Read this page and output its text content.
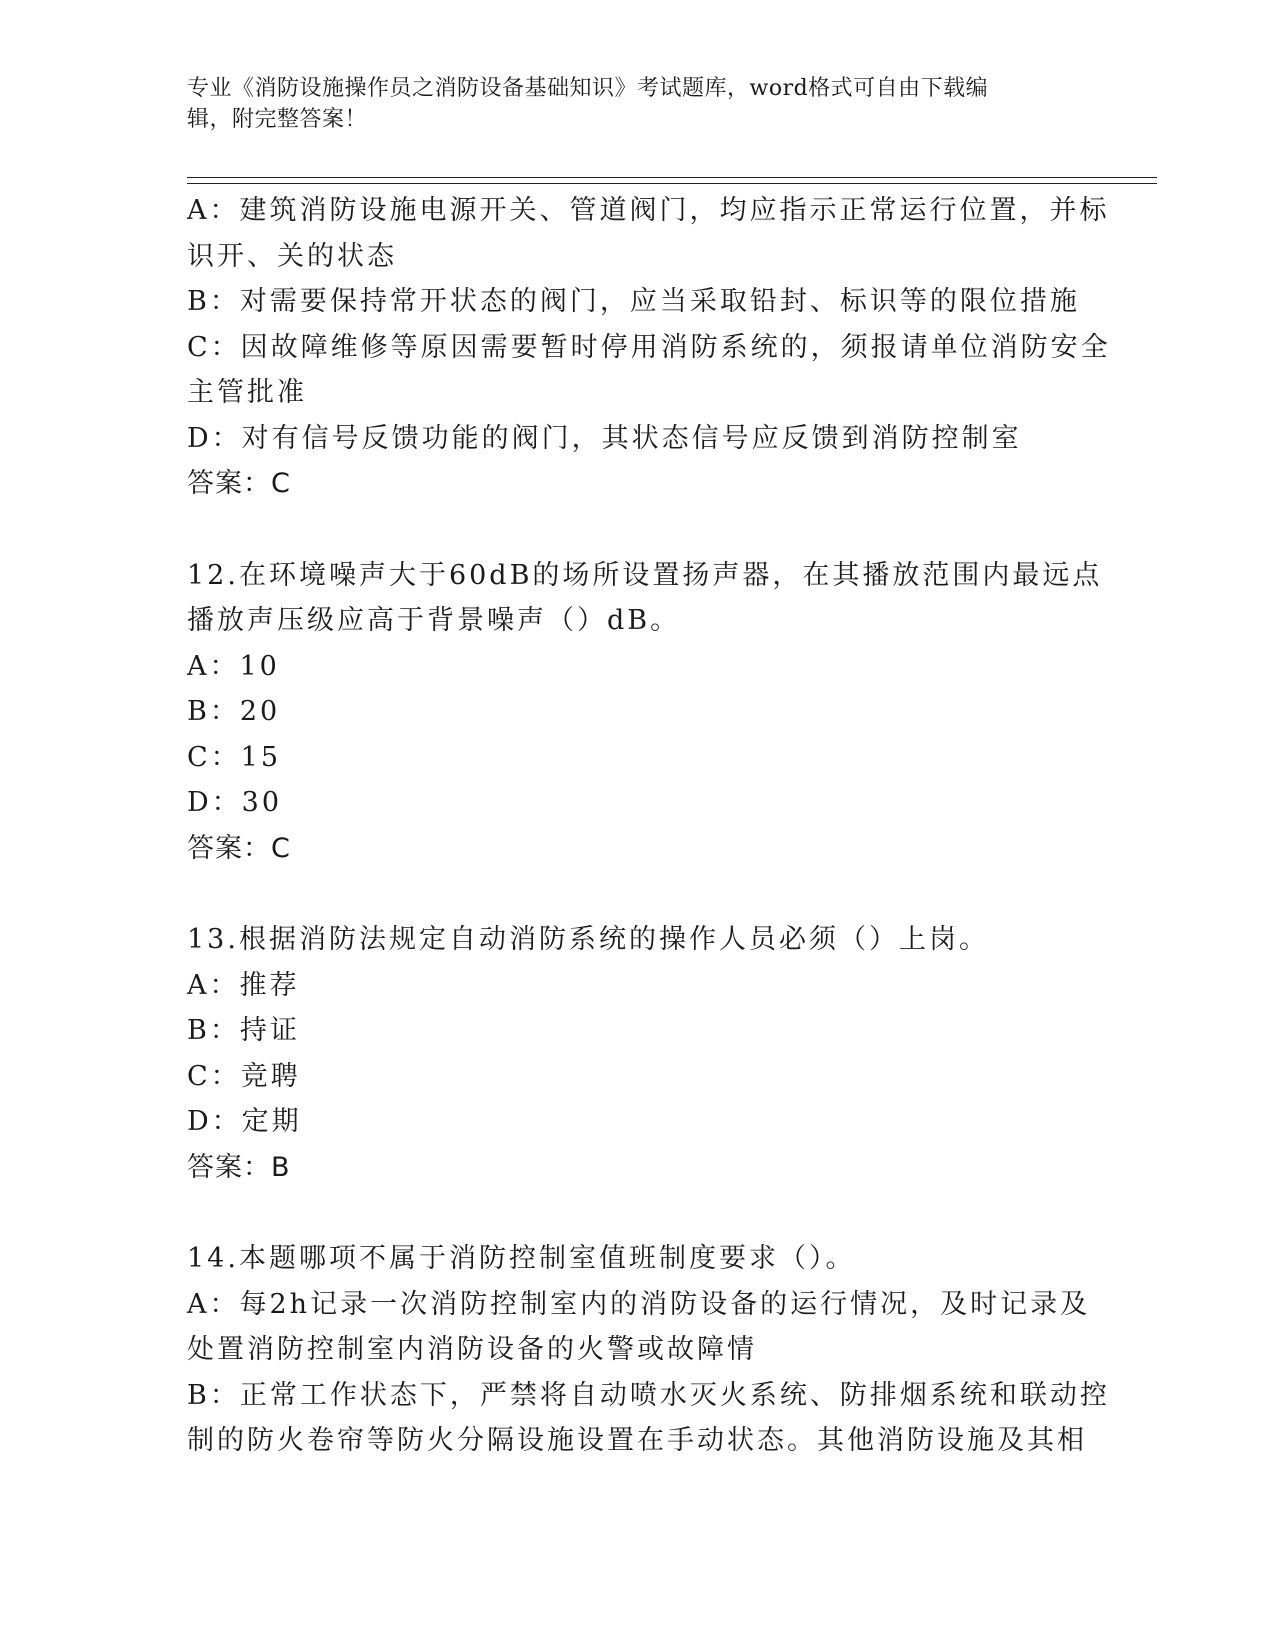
专业《消防设施操作员之消防设备基础知识》考试题库，word格式可自由下载编
辑，附完整答案！
A：建筑消防设施电源开关、管道阀门，均应指示正常运行位置，并标
识开、关的状态
B：对需要保持常开状态的阀门，应当采取铅封、标识等的限位措施
C：因故障维修等原因需要暂时停用消防系统的，须报请单位消防安全
主管批准
D：对有信号反馈功能的阀门，其状态信号应反馈到消防控制室
答案：C
12.在环境噪声大于60dB的场所设置扬声器，在其播放范围内最远点
播放声压级应高于背景噪声（）dB。
A：10
B：20
C：15
D：30
答案：C
13.根据消防法规定自动消防系统的操作人员必须（）上岗。
A：推荐
B：持证
C：竞聘
D：定期
答案：B
14.本题哪项不属于消防控制室值班制度要求（）。
A：每2h记录一次消防控制室内的消防设备的运行情况，及时记录及
处置消防控制室内消防设备的火警或故障情
B：正常工作状态下，严禁将自动喷水灭火系统、防排烟系统和联动控
制的防火卷帘等防火分隔设施设置在手动状态。其他消防设施及其相
